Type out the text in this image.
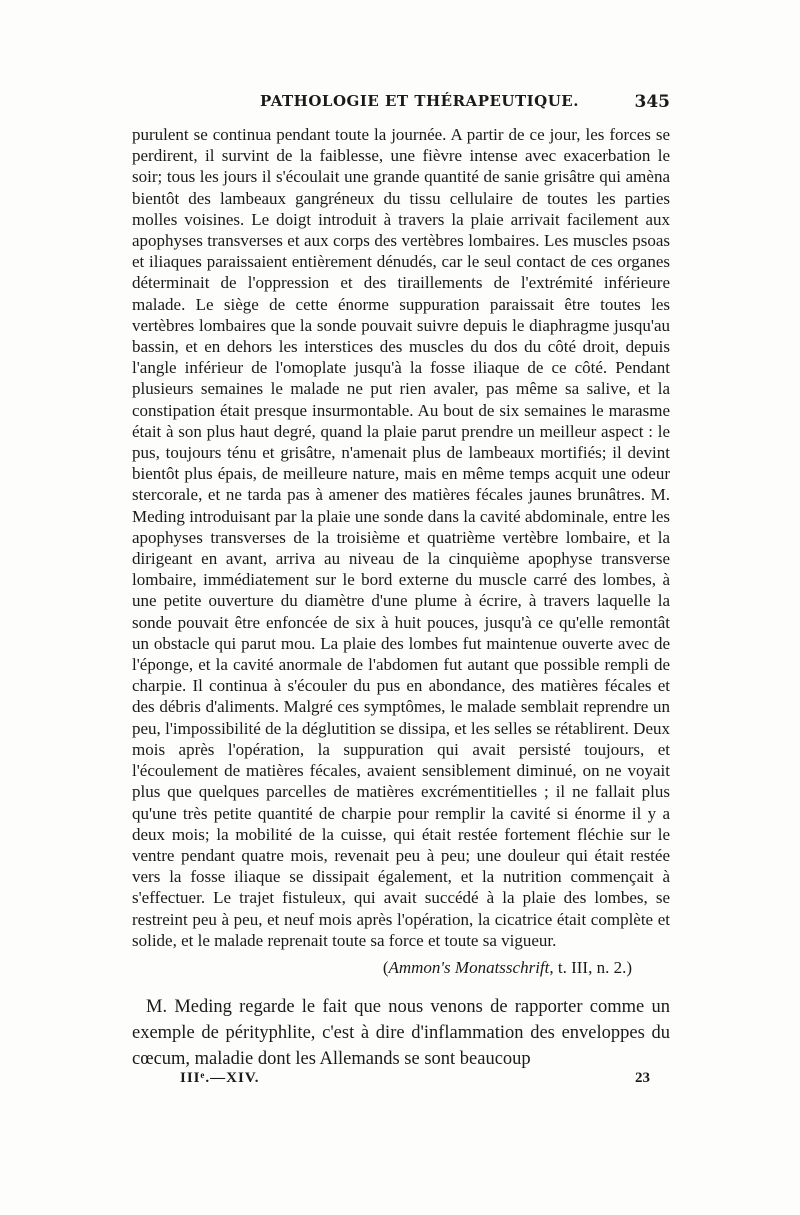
PATHOLOGIE ET THÉRAPEUTIQUE.	345

purulent se continua pendant toute la journée. A partir de ce jour, les forces se perdirent, il survint de la faiblesse, une fièvre intense avec exacerbation le soir; tous les jours il s'écoulait une grande quantité de sanie grisâtre qui amèna bientôt des lambeaux gangréneux du tissu cellulaire de toutes les parties molles voisines. Le doigt introduit à travers la plaie arrivait facilement aux apophyses transverses et aux corps des vertèbres lombaires. Les muscles psoas et iliaques paraissaient entièrement dénudés, car le seul contact de ces organes déterminait de l'oppression et des tiraillements de l'extrémité inférieure malade. Le siège de cette énorme suppuration paraissait être toutes les vertèbres lombaires que la sonde pouvait suivre depuis le diaphragme jusqu'au bassin, et en dehors les interstices des muscles du dos du côté droit, depuis l'angle inférieur de l'omoplate jusqu'à la fosse iliaque de ce côté. Pendant plusieurs semaines le malade ne put rien avaler, pas même sa salive, et la constipation était presque insurmontable. Au bout de six semaines le marasme était à son plus haut degré, quand la plaie parut prendre un meilleur aspect : le pus, toujours ténu et grisâtre, n'amenait plus de lambeaux mortifiés; il devint bientôt plus épais, de meilleure nature, mais en même temps acquit une odeur stercorale, et ne tarda pas à amener des matières fécales jaunes brunâtres. M. Meding introduisant par la plaie une sonde dans la cavité abdominale, entre les apophyses transverses de la troisième et quatrième vertèbre lombaire, et la dirigeant en avant, arriva au niveau de la cinquième apophyse transverse lombaire, immédiatement sur le bord externe du muscle carré des lombes, à une petite ouverture du diamètre d'une plume à écrire, à travers laquelle la sonde pouvait être enfoncée de six à huit pouces, jusqu'à ce qu'elle remontât un obstacle qui parut mou. La plaie des lombes fut maintenue ouverte avec de l'éponge, et la cavité anormale de l'abdomen fut autant que possible rempli de charpie. Il continua à s'écouler du pus en abondance, des matières fécales et des débris d'aliments. Malgré ces symptômes, le malade semblait reprendre un peu, l'impossibilité de la déglutition se dissipa, et les selles se rétablirent. Deux mois après l'opération, la suppuration qui avait persisté toujours, et l'écoulement de matières fécales, avaient sensiblement diminué, on ne voyait plus que quelques parcelles de matières excrémentitielles ; il ne fallait plus qu'une très petite quantité de charpie pour remplir la cavité si énorme il y a deux mois; la mobilité de la cuisse, qui était restée fortement fléchie sur le ventre pendant quatre mois, revenait peu à peu; une douleur qui était restée vers la fosse iliaque se dissipait également, et la nutrition commençait à s'effectuer. Le trajet fistuleux, qui avait succédé à la plaie des lombes, se restreint peu à peu, et neuf mois après l'opération, la cicatrice était complète et solide, et le malade reprenait toute sa force et toute sa vigueur.

(Ammon's Monatsschrift, t. III, n. 2.)

M. Meding regarde le fait que nous venons de rapporter comme un exemple de pérityphlite, c'est à dire d'inflammation des enveloppes du cœcum, maladie dont les Allemands se sont beaucoup

IIIᵉ.—XIV.	23
